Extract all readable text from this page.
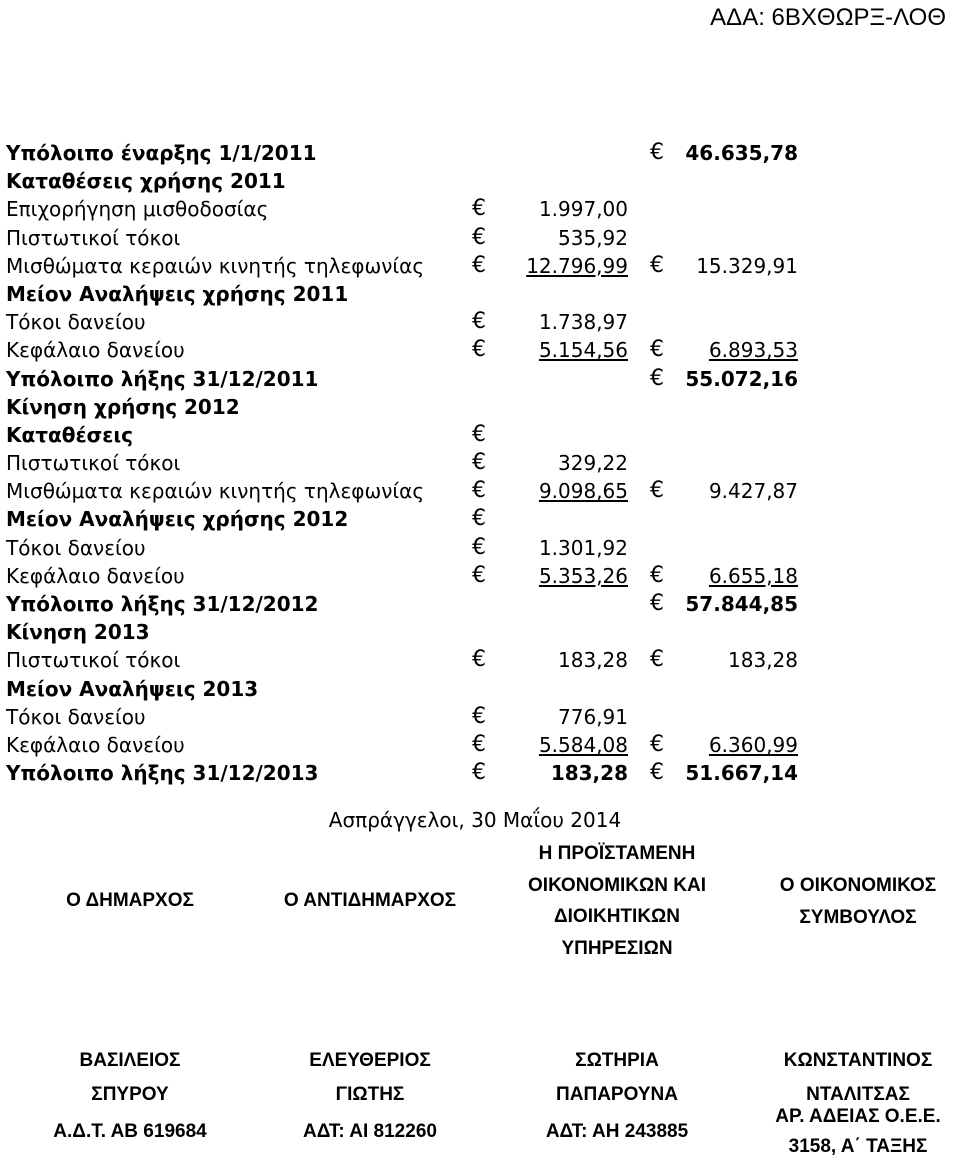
ΑΔΑ: 6ΒΧΘΩΡΞ-ΛΟΘ
Υπόλοιπο έναρξης 1/1/2011	€	46.635,78
Καταθέσεις χρήσης 2011
Επιχορήγηση μισθοδοσίας	€	1.997,00
Πιστωτικοί τόκοι	€	535,92
Μισθώματα κεραιών κινητής τηλεφωνίας €	12.796,99 €	15.329,91
Μείον Αναλήψεις χρήσης 2011
Τόκοι δανείου	€	1.738,97
Κεφάλαιο δανείου	€	5.154,56 €	6.893,53
Υπόλοιπο λήξης 31/12/2011	€	55.072,16
Κίνηση χρήσης 2012
Καταθέσεις	€
Πιστωτικοί τόκοι	€	329,22
Μισθώματα κεραιών κινητής τηλεφωνίας €	9.098,65 €	9.427,87
Μείον Αναλήψεις χρήσης 2012	€
Τόκοι δανείου	€	1.301,92
Κεφάλαιο δανείου	€	5.353,26 €	6.655,18
Υπόλοιπο λήξης 31/12/2012	€	57.844,85
Κίνηση 2013
Πιστωτικοί τόκοι	€	183,28 €	183,28
Μείον Αναλήψεις 2013
Τόκοι δανείου	€	776,91
Κεφάλαιο δανείου	€	5.584,08 €	6.360,99
Υπόλοιπο λήξης 31/12/2013	€	183,28 €	51.667,14
Ασπράγγελοι, 30 Μαΐου 2014
Ο ΔΗΜΑΡΧΟΣ
ΒΑΣΙΛΕΙΟΣ
ΣΠΥΡΟΥ
Α.Δ.Τ. ΑΒ 619684
Ο ΑΝΤΙΔΗΜΑΡΧΟΣ
ΕΛΕΥΘΕΡΙΟΣ
ΓΙΩΤΗΣ
ΑΔΤ: ΑΙ 812260
Η ΠΡΟΪΣΤΑΜΕΝΗ
ΟΙΚΟΝΟΜΙΚΩΝ ΚΑΙ
ΔΙΟΙΚΗΤΙΚΩΝ
ΥΠΗΡΕΣΙΩΝ
ΣΩΤΗΡΙΑ
ΠΑΠΑΡΟΥΝΑ
ΑΔΤ: ΑΗ 243885
Ο ΟΙΚΟΝΟΜΙΚΟΣ
ΣΥΜΒΟΥΛΟΣ
ΚΩΝΣΤΑΝΤΙΝΟΣ
ΝΤΑΛΙΤΣΑΣ
ΑΡ. ΑΔΕΙΑΣ Ο.Ε.Ε.
3158, Α΄ ΤΑΞΗΣ
